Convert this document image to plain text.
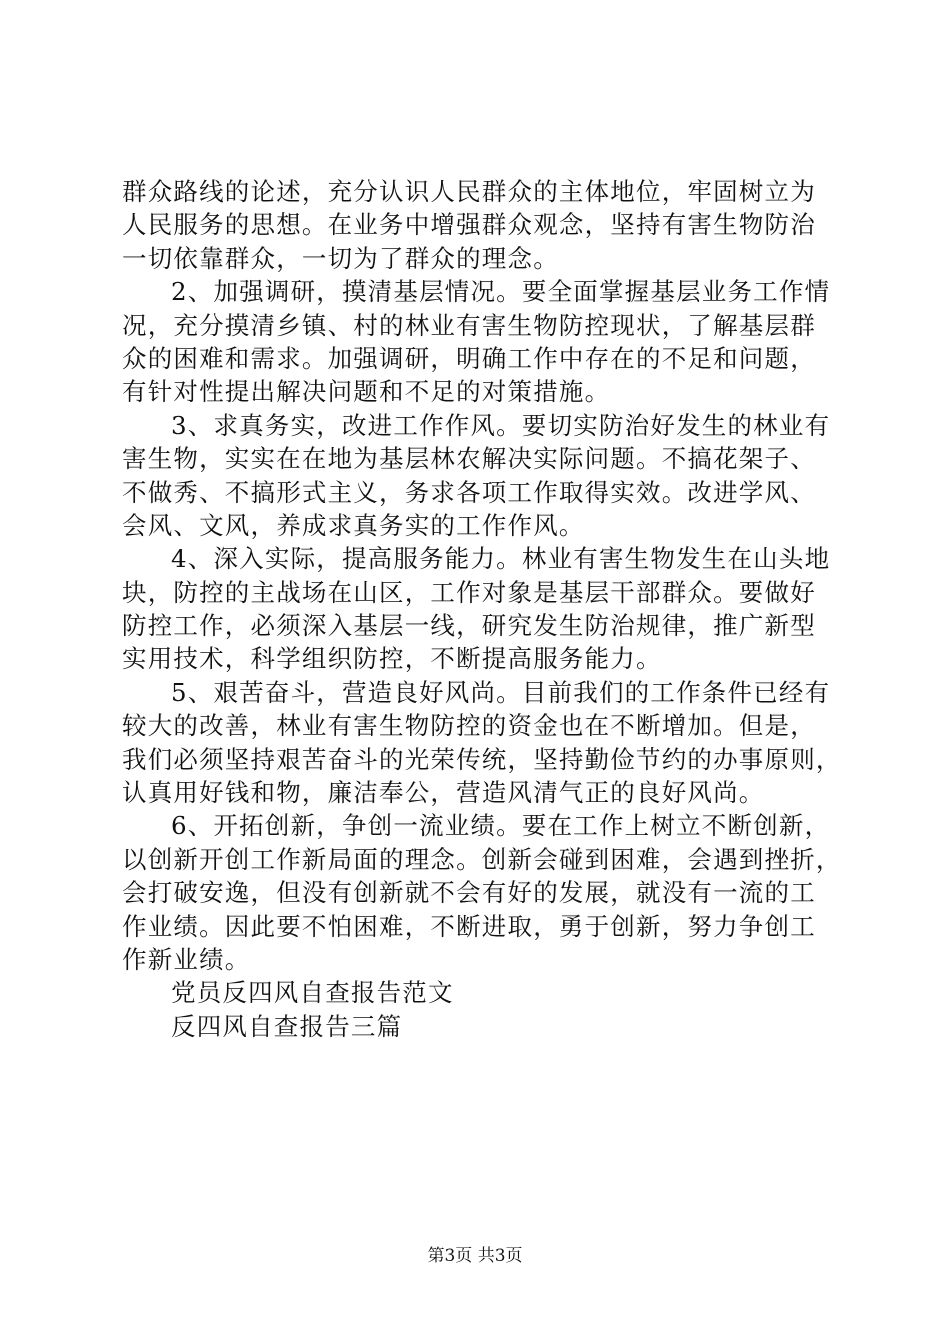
群众路线的论述，充分认识人民群众的主体地位，牢固树立为
人民服务的思想。在业务中增强群众观念，坚持有害生物防治
一切依靠群众，一切为了群众的理念。
2、加强调研，摸清基层情况。要全面掌握基层业务工作情
况，充分摸清乡镇、村的林业有害生物防控现状，了解基层群
众的困难和需求。加强调研，明确工作中存在的不足和问题，
有针对性提出解决问题和不足的对策措施。
3、求真务实，改进工作作风。要切实防治好发生的林业有
害生物，实实在在地为基层林农解决实际问题。不搞花架子、
不做秀、不搞形式主义，务求各项工作取得实效。改进学风、
会风、文风，养成求真务实的工作作风。
4、深入实际，提高服务能力。林业有害生物发生在山头地
块，防控的主战场在山区，工作对象是基层干部群众。要做好
防控工作，必须深入基层一线，研究发生防治规律，推广新型
实用技术，科学组织防控，不断提高服务能力。
5、艰苦奋斗，营造良好风尚。目前我们的工作条件已经有
较大的改善，林业有害生物防控的资金也在不断增加。但是，
我们必须坚持艰苦奋斗的光荣传统，坚持勤俭节约的办事原则，
认真用好钱和物，廉洁奉公，营造风清气正的良好风尚。
6、开拓创新，争创一流业绩。要在工作上树立不断创新，
以创新开创工作新局面的理念。创新会碰到困难，会遇到挫折，
会打破安逸，但没有创新就不会有好的发展，就没有一流的工
作业绩。因此要不怕困难，不断进取，勇于创新，努力争创工
作新业绩。
党员反四风自查报告范文
反四风自查报告三篇
第3页 共3页
